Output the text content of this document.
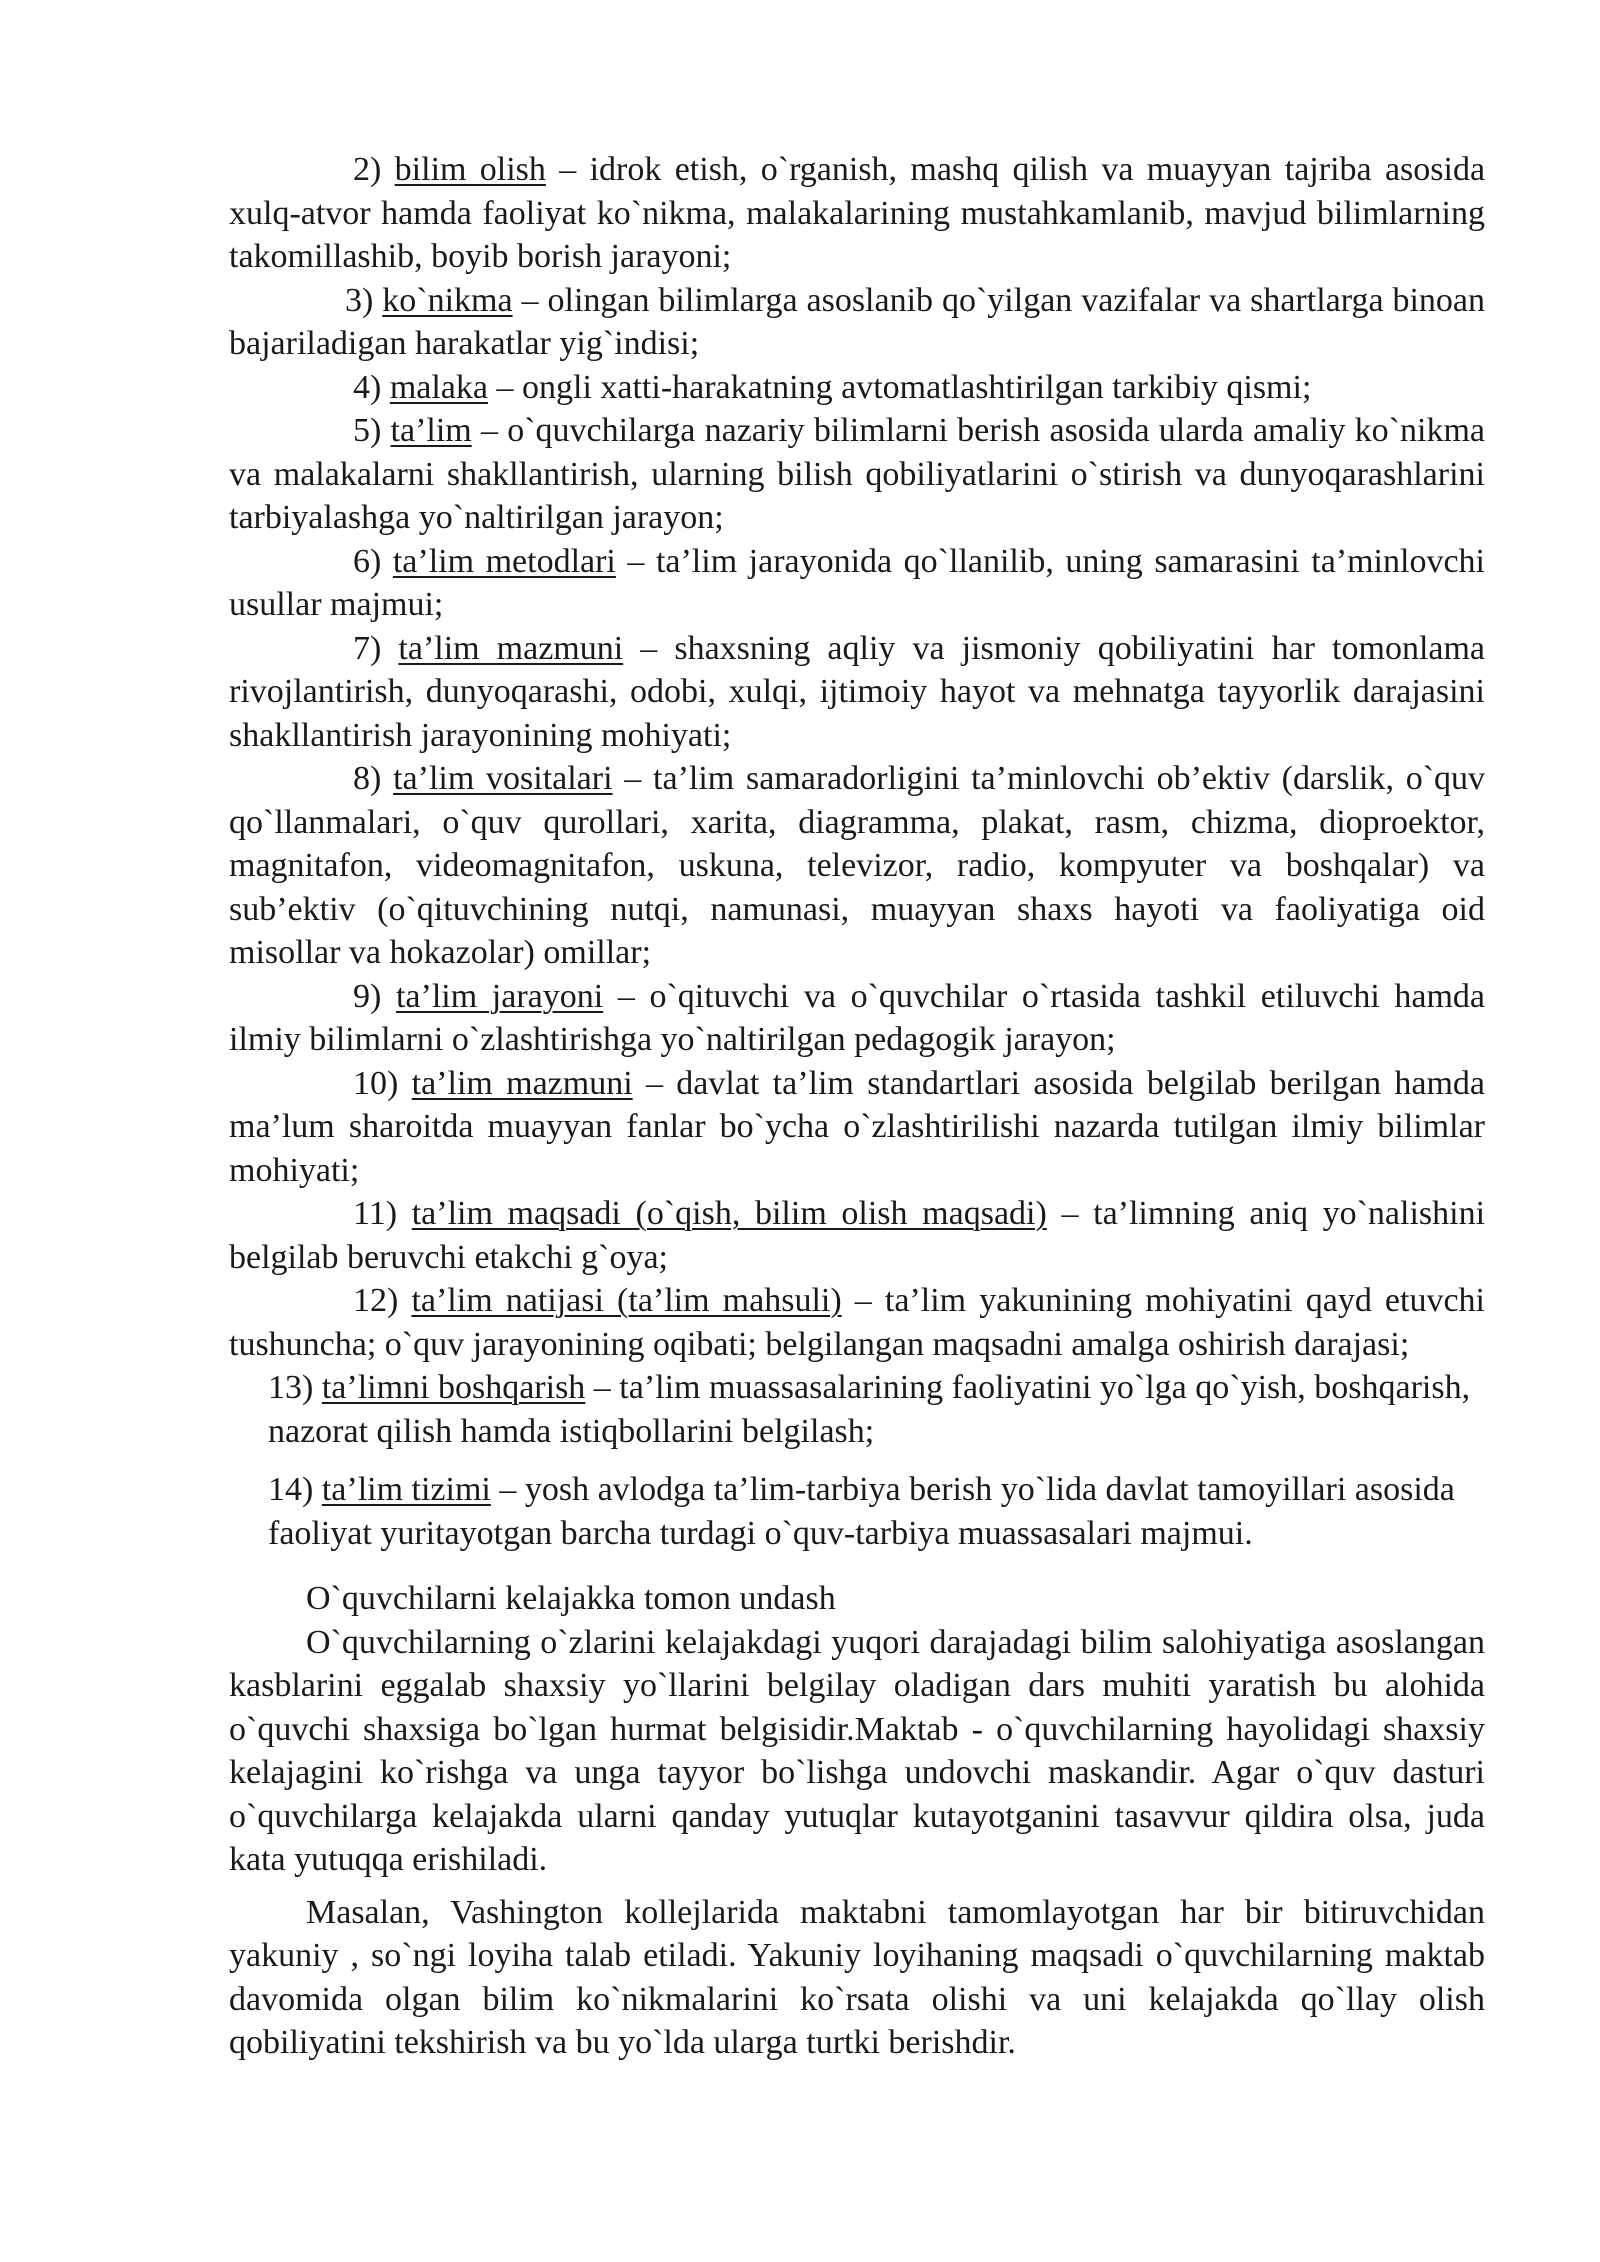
2) bilim olish – idrok etish, o`rganish, mashq qilish va muayyan tajriba asosida xulq-atvor hamda faoliyat ko`nikma, malakalarining mustahkamlanib, mavjud bilimlarning takomillashib, boyib borish jarayoni;

3) ko`nikma – olingan bilimlarga asoslanib qo`yilgan vazifalar va shartlarga binoan bajariladigan harakatlar yig`indisi;

4) malaka – ongli xatti-harakatning avtomatlashtirilgan tarkibiy qismi;

5) ta’lim – o`quvchilarga nazariy bilimlarni berish asosida ularda amaliy ko`nikma va malakalarni shakllantirish, ularning bilish qobiliyatlarini o`stirish va dunyoqarashlarini tarbiyalashga yo`naltirilgan jarayon;

6) ta’lim metodlari – ta’lim jarayonida qo`llanilib, uning samarasini ta’minlovchi usullar majmui;

7) ta’lim mazmuni – shaxsning aqliy va jismoniy qobiliyatini har tomonlama rivojlantirish, dunyoqarashi, odobi, xulqi, ijtimoiy hayot va mehnatga tayyorlik darajasini shakllantirish jarayonining mohiyati;

8) ta’lim vositalari – ta’lim samaradorligini ta’minlovchi ob’ektiv (darslik, o`quv qo`llanmalari, o`quv qurollari, xarita, diagramma, plakat, rasm, chizma, dioproektor, magnitafon, videomagnitafon, uskuna, televizor, radio, kompyuter va boshqalar) va sub’ektiv (o`qituvchining nutqi, namunasi, muayyan shaxs hayoti va faoliyatiga oid misollar va hokazolar) omillar;

9) ta’lim jarayoni – o`qituvchi va o`quvchilar o`rtasida tashkil etiluvchi hamda ilmiy bilimlarni o`zlashtirishga yo`naltirilgan pedagogik jarayon;

10) ta’lim mazmuni – davlat ta’lim standartlari asosida belgilab berilgan hamda ma’lum sharoitda muayyan fanlar bo`ycha o`zlashtirilishi nazarda tutilgan ilmiy bilimlar mohiyati;

11) ta’lim maqsadi (o`qish, bilim olish maqsadi) – ta’limning aniq yo`nalishini belgilab beruvchi etakchi g`oya;

12) ta’lim natijasi (ta’lim mahsuli) – ta’lim yakunining mohiyatini qayd etuvchi tushuncha; o`quv jarayonining oqibati; belgilangan maqsadni amalga oshirish darajasi;

13) ta’limni boshqarish – ta’lim muassasalarining faoliyatini yo`lga qo`yish, boshqarish, nazorat qilish hamda istiqbollarini belgilash;

14) ta’lim tizimi – yosh avlodga ta’lim-tarbiya berish yo`lida davlat tamoyillari asosida faoliyat yuritayotgan barcha turdagi o`quv-tarbiya muassasalari majmui.

O`quvchilarni kelajakka tomon undash

O`quvchilarning o`zlarini kelajakdagi yuqori darajadagi bilim salohiyatiga asoslangan kasblarini eggalab shaxsiy yo`llarini belgilay oladigan dars muhiti yaratish bu alohida o`quvchi shaxsiga bo`lgan hurmat belgisidir.Maktab - o`quvchilarning hayolidagi shaxsiy kelajagini ko`rishga va unga tayyor bo`lishga undovchi maskandir. Agar o`quv dasturi o`quvchilarga kelajakda ularni qanday yutuqlar kutayotganini tasavvur qildira olsa, juda kata yutuqqa erishiladi.

Masalan, Vashington kollejlarida maktabni tamomlayotgan har bir bitiruvchidan yakuniy , so`ngi loyiha talab etiladi. Yakuniy loyihaning maqsadi o`quvchilarning maktab davomida olgan bilim ko`nikmalarini ko`rsata olishi va uni kelajakda qo`llay olish qobiliyatini tekshirish va bu yo`lda ularga turtki berishdir.
